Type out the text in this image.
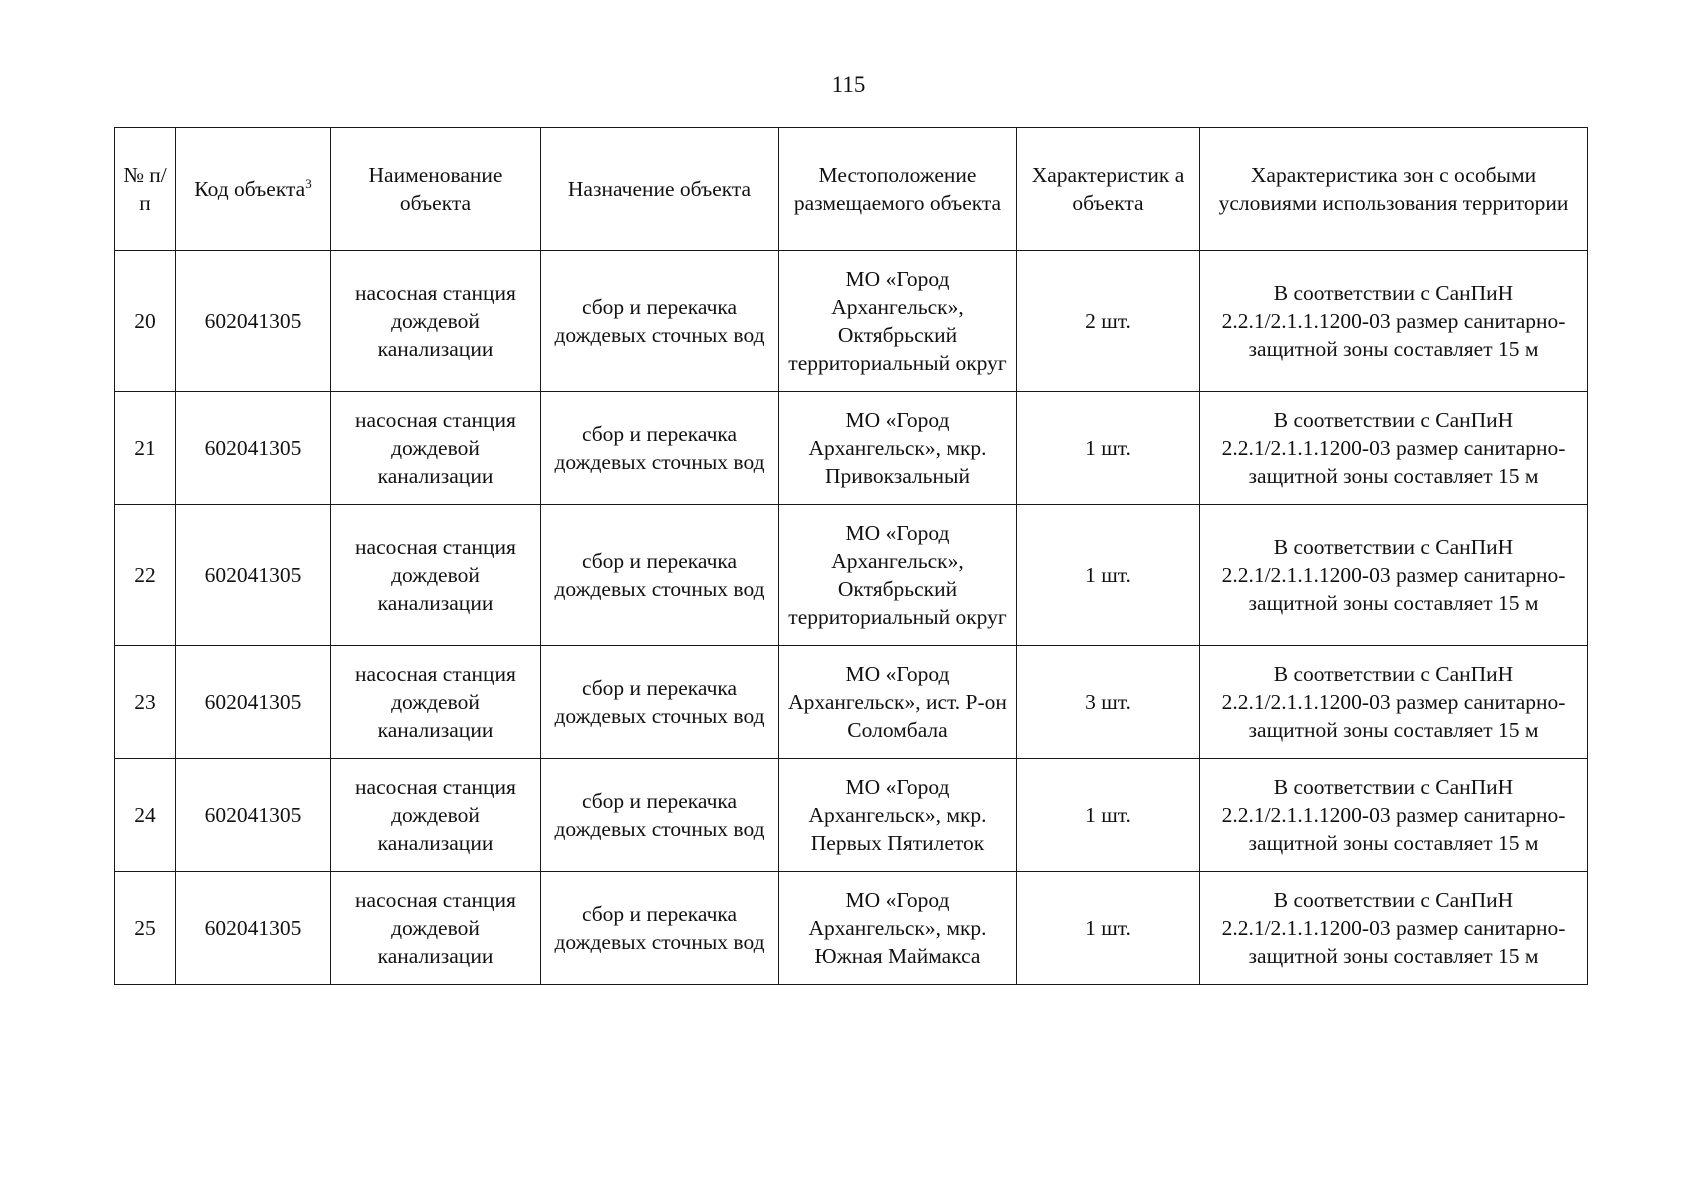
115
№ п/п	Код объекта$^3$	Наименование объекта	Назначение объекта	Местоположение размещаемого объекта	Характеристик а объекта	Характеристика зон с особыми условиями использования территории
20	602041305	насосная станция дождевой канализации	сбор и перекачка дождевых сточных вод	МО «Город Архангельск», Октябрьский территориальный округ	2 шт.	В соответствии с СанПиН 2.2.1/2.1.1.1200-03 размер санитарно-защитной зоны составляет 15 м
21	602041305	насосная станция дождевой канализации	сбор и перекачка дождевых сточных вод	МО «Город Архангельск», мкр. Привокзальный	1 шт.	В соответствии с СанПиН 2.2.1/2.1.1.1200-03 размер санитарно-защитной зоны составляет 15 м
22	602041305	насосная станция дождевой канализации	сбор и перекачка дождевых сточных вод	МО «Город Архангельск», Октябрьский территориальный округ	1 шт.	В соответствии с СанПиН 2.2.1/2.1.1.1200-03 размер санитарно-защитной зоны составляет 15 м
23	602041305	насосная станция дождевой канализации	сбор и перекачка дождевых сточных вод	МО «Город Архангельск», ист. Р-он Соломбала	3 шт.	В соответствии с СанПиН 2.2.1/2.1.1.1200-03 размер санитарно-защитной зоны составляет 15 м
24	602041305	насосная станция дождевой канализации	сбор и перекачка дождевых сточных вод	МО «Город Архангельск», мкр. Первых Пятилеток	1 шт.	В соответствии с СанПиН 2.2.1/2.1.1.1200-03 размер санитарно-защитной зоны составляет 15 м
25	602041305	насосная станция дождевой канализации	сбор и перекачка дождевых сточных вод	МО «Город Архангельск», мкр. Южная Маймакса	1 шт.	В соответствии с СанПиН 2.2.1/2.1.1.1200-03 размер санитарно-защитной зоны составляет 15 м
